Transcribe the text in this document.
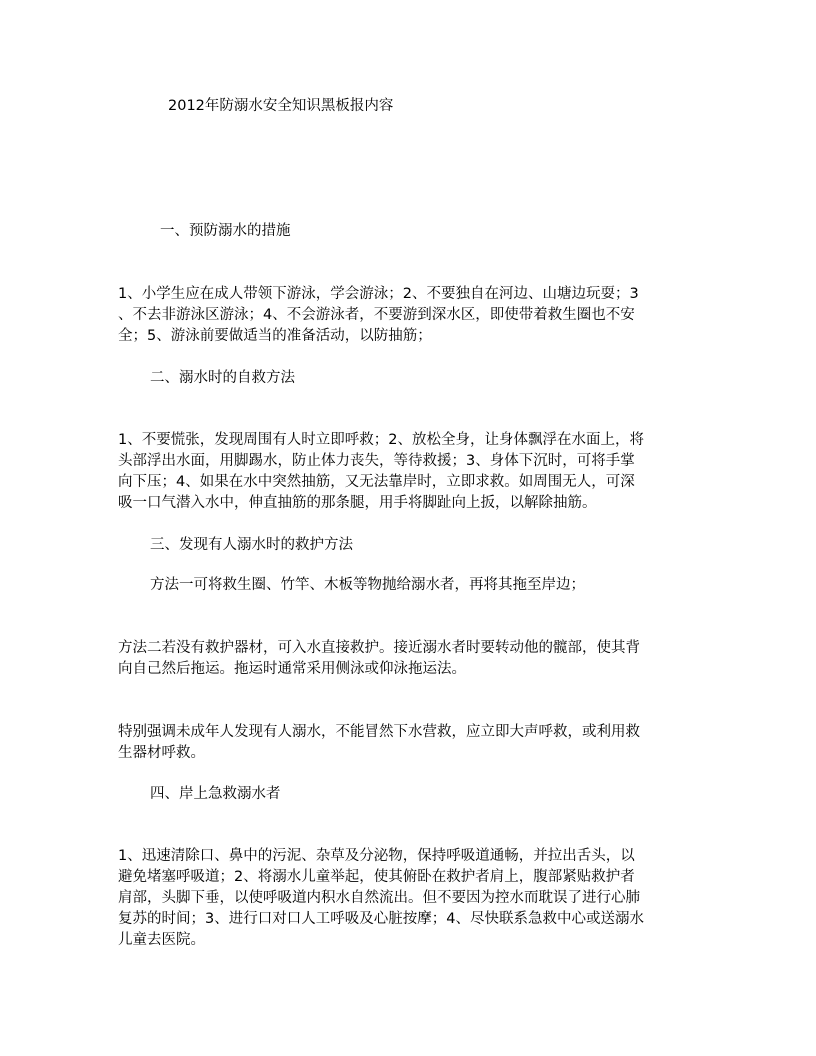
2012年防溺水安全知识黑板报内容
一、预防溺水的措施
1、小学生应在成人带领下游泳，学会游泳；2、不要独自在河边、山塘边玩耍；3
、不去非游泳区游泳；4、不会游泳者，不要游到深水区，即使带着救生圈也不安
全；5、游泳前要做适当的准备活动，以防抽筋；
二、溺水时的自救方法
1、不要慌张，发现周围有人时立即呼救；2、放松全身，让身体飘浮在水面上，将
头部浮出水面，用脚踢水，防止体力丧失，等待救援；3、身体下沉时，可将手掌
向下压；4、如果在水中突然抽筋，又无法靠岸时，立即求救。如周围无人，可深
吸一口气潜入水中，伸直抽筋的那条腿，用手将脚趾向上扳，以解除抽筋。
三、发现有人溺水时的救护方法
方法一可将救生圈、竹竿、木板等物抛给溺水者，再将其拖至岸边；
方法二若没有救护器材，可入水直接救护。接近溺水者时要转动他的髋部，使其背
向自己然后拖运。拖运时通常采用侧泳或仰泳拖运法。
特别强调未成年人发现有人溺水，不能冒然下水营救，应立即大声呼救，或利用救
生器材呼救。
四、岸上急救溺水者
1、迅速清除口、鼻中的污泥、杂草及分泌物，保持呼吸道通畅，并拉出舌头，以
避免堵塞呼吸道；2、将溺水儿童举起，使其俯卧在救护者肩上，腹部紧贴救护者
肩部，头脚下垂，以使呼吸道内积水自然流出。但不要因为控水而耽误了进行心肺
复苏的时间；3、进行口对口人工呼吸及心脏按摩；4、尽快联系急救中心或送溺水
儿童去医院。
